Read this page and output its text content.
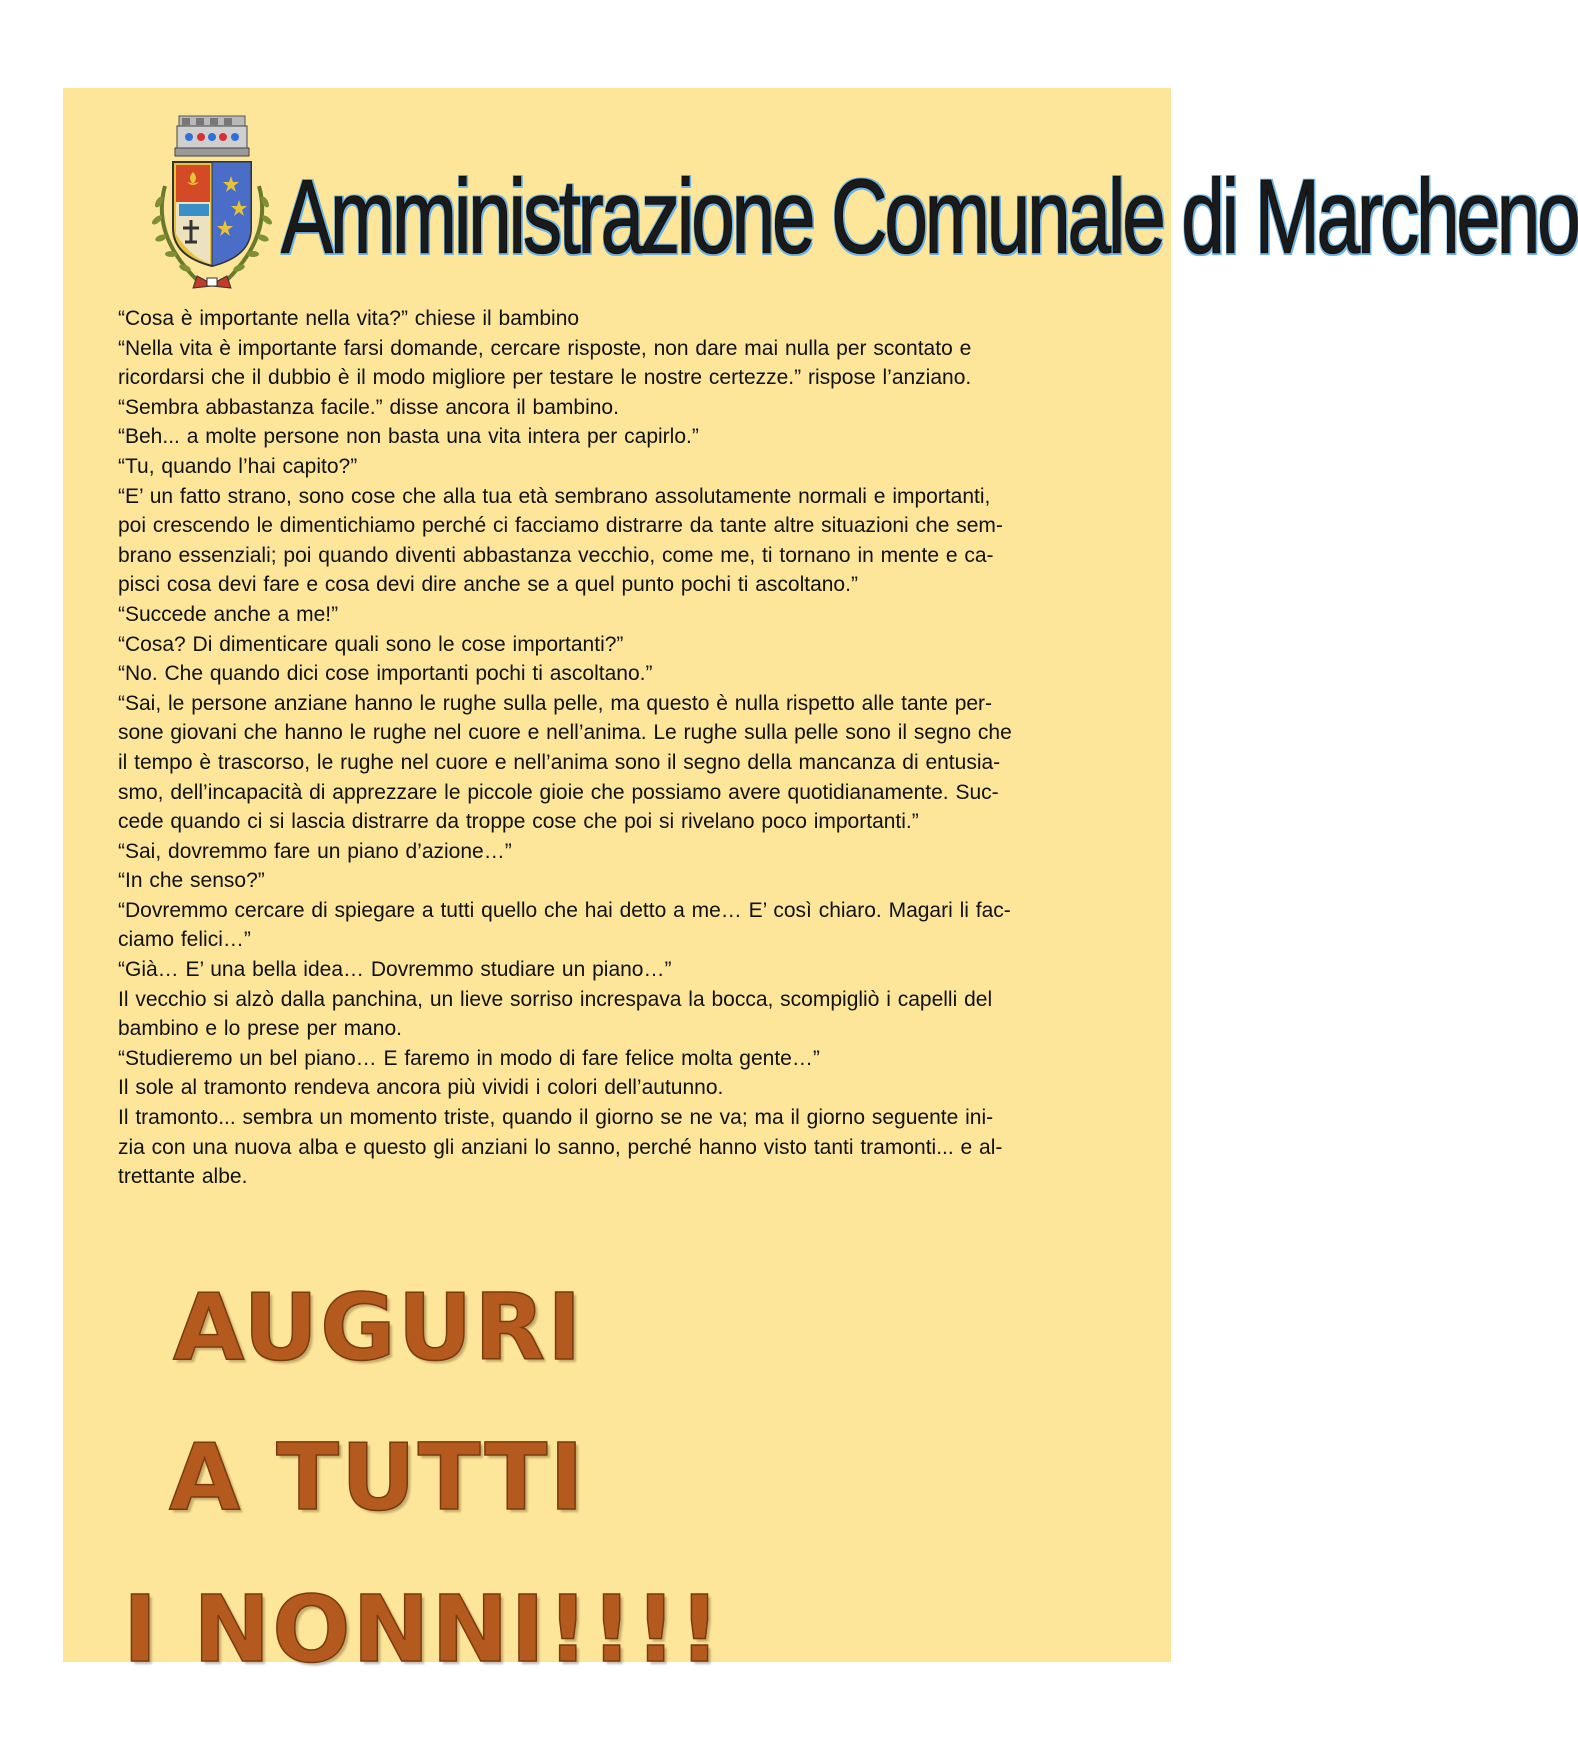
Amministrazione Comunale di Marcheno
“Cosa è importante nella vita?” chiese il bambino
“Nella vita è importante farsi domande, cercare risposte, non dare mai nulla per scontato e
ricordarsi che il dubbio è il modo migliore per testare le nostre certezze.” rispose l’anziano.
“Sembra abbastanza facile.” disse ancora il bambino.
“Beh... a molte persone non basta una vita intera per capirlo.”
“Tu, quando l’hai capito?”
“E’ un fatto strano, sono cose che alla tua età sembrano assolutamente normali e importanti,
poi crescendo le dimentichiamo perché ci facciamo distrarre da tante altre situazioni che sem-
brano essenziali; poi quando diventi abbastanza vecchio, come me, ti tornano in mente e ca-
pisci cosa devi fare e cosa devi dire anche se a quel punto pochi ti ascoltano.”
“Succede anche a me!”
“Cosa? Di dimenticare quali sono le cose importanti?”
“No. Che quando dici cose importanti pochi ti ascoltano.”
“Sai, le persone anziane hanno le rughe sulla pelle, ma questo è nulla rispetto alle tante per-
sone giovani che hanno le rughe nel cuore e nell’anima. Le rughe sulla pelle sono il segno che
il tempo è trascorso, le rughe nel cuore e nell’anima sono il segno della mancanza di entusia-
smo, dell’incapacità di apprezzare le piccole gioie che possiamo avere quotidianamente. Suc-
cede quando ci si lascia distrarre da troppe cose che poi si rivelano poco importanti.”
“Sai, dovremmo fare un piano d’azione…”
“In che senso?”
“Dovremmo cercare di spiegare a tutti quello che hai detto a me… E’ così chiaro. Magari li fac-
ciamo felici…”
“Già… E’ una bella idea… Dovremmo studiare un piano…”
Il vecchio si alzò dalla panchina, un lieve sorriso increspava la bocca, scompigliò i capelli del
bambino e lo prese per mano.
“Studieremo un bel piano… E faremo in modo di fare felice molta gente…”
Il sole al tramonto rendeva ancora più vividi i colori dell’autunno.
Il tramonto... sembra un momento triste, quando il giorno se ne va; ma il giorno seguente ini-
zia con una nuova alba e questo gli anziani lo sanno, perché hanno visto tanti tramonti... e al-
trettante albe.
AUGURI
A TUTTI
I NONNI!!!!
